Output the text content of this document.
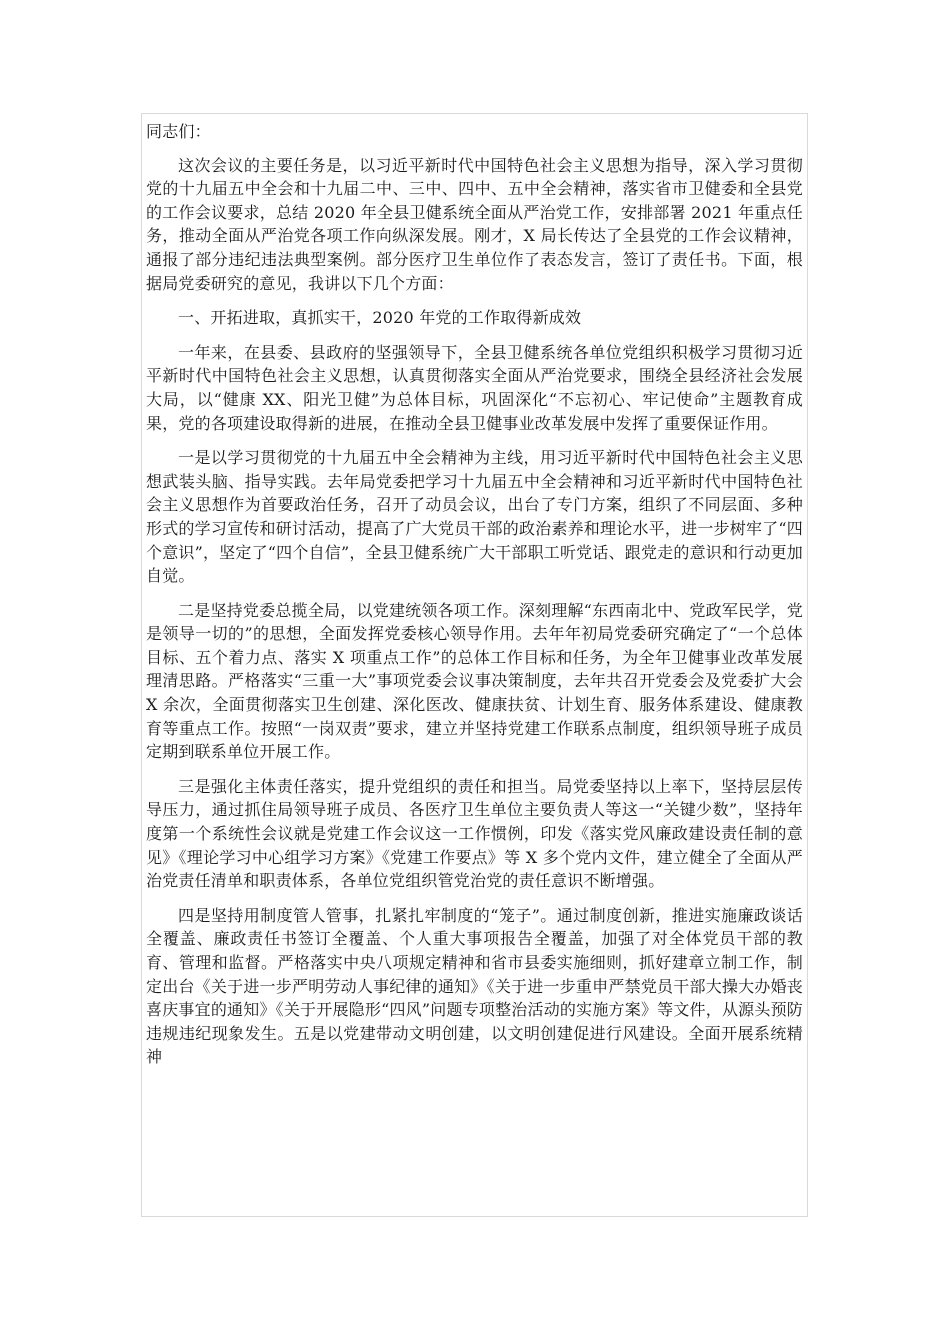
同志们：

这次会议的主要任务是，以习近平新时代中国特色社会主义思想为指导，深入学习贯彻党的十九届五中全会和十九届二中、三中、四中、五中全会精神，落实省市卫健委和全县党的工作会议要求，总结 2020 年全县卫健系统全面从严治党工作，安排部署 2021 年重点任务，推动全面从严治党各项工作向纵深发展。刚才，X 局长传达了全县党的工作会议精神，通报了部分违纪违法典型案例。部分医疗卫生单位作了表态发言，签订了责任书。下面，根据局党委研究的意见，我讲以下几个方面：

一、开拓进取，真抓实干，2020 年党的工作取得新成效

一年来，在县委、县政府的坚强领导下，全县卫健系统各单位党组织积极学习贯彻习近平新时代中国特色社会主义思想，认真贯彻落实全面从严治党要求，围绕全县经济社会发展大局，以“健康 XX、阳光卫健”为总体目标，巩固深化“不忘初心、牢记使命”主题教育成果，党的各项建设取得新的进展，在推动全县卫健事业改革发展中发挥了重要保证作用。

一是以学习贯彻党的十九届五中全会精神为主线，用习近平新时代中国特色社会主义思想武装头脑、指导实践。去年局党委把学习十九届五中全会精神和习近平新时代中国特色社会主义思想作为首要政治任务，召开了动员会议，出台了专门方案，组织了不同层面、多种形式的学习宣传和研讨活动，提高了广大党员干部的政治素养和理论水平，进一步树牢了“四个意识”，坚定了“四个自信”，全县卫健系统广大干部职工听党话、跟党走的意识和行动更加自觉。

二是坚持党委总揽全局，以党建统领各项工作。深刻理解“东西南北中、党政军民学，党是领导一切的”的思想，全面发挥党委核心领导作用。去年年初局党委研究确定了“一个总体目标、五个着力点、落实 X 项重点工作”的总体工作目标和任务，为全年卫健事业改革发展理清思路。严格落实“三重一大”事项党委会议事决策制度，去年共召开党委会及党委扩大会 X 余次，全面贯彻落实卫生创建、深化医改、健康扶贫、计划生育、服务体系建设、健康教育等重点工作。按照“一岗双责”要求，建立并坚持党建工作联系点制度，组织领导班子成员定期到联系单位开展工作。

三是强化主体责任落实，提升党组织的责任和担当。局党委坚持以上率下，坚持层层传导压力，通过抓住局领导班子成员、各医疗卫生单位主要负责人等这一“关键少数”，坚持年度第一个系统性会议就是党建工作会议这一工作惯例，印发《落实党风廉政建设责任制的意见》《理论学习中心组学习方案》《党建工作要点》等 X 多个党内文件，建立健全了全面从严治党责任清单和职责体系，各单位党组织管党治党的责任意识不断增强。

四是坚持用制度管人管事，扎紧扎牢制度的“笼子”。通过制度创新，推进实施廉政谈话全覆盖、廉政责任书签订全覆盖、个人重大事项报告全覆盖，加强了对全体党员干部的教育、管理和监督。严格落实中央八项规定精神和省市县委实施细则，抓好建章立制工作，制定出台《关于进一步严明劳动人事纪律的通知》《关于进一步重申严禁党员干部大操大办婚丧喜庆事宜的通知》《关于开展隐形“四风”问题专项整治活动的实施方案》等文件，从源头预防违规违纪现象发生。五是以党建带动文明创建，以文明创建促进行风建设。全面开展系统精神
